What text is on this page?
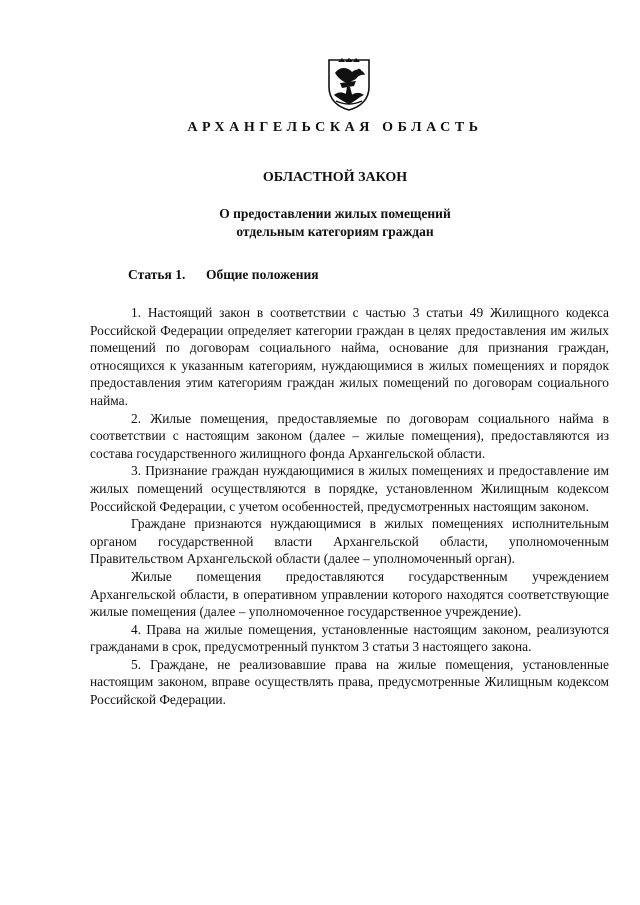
АРХАНГЕЛЬСКАЯ ОБЛАСТЬ
ОБЛАСТНОЙ ЗАКОН
О предоставлении жилых помещений
отдельным категориям граждан
Статья 1. Общие положения

1. Настоящий закон в соответствии с частью 3 статьи 49 Жилищного кодекса Российской Федерации определяет категории граждан в целях предоставления им жилых помещений по договорам социального найма, основание для признания граждан, относящихся к указанным категориям, нуждающимися в жилых помещениях и порядок предоставления этим категориям граждан жилых помещений по договорам социального найма.

2. Жилые помещения, предоставляемые по договорам социального найма в соответствии с настоящим законом (далее – жилые помещения), предоставляются из состава государственного жилищного фонда Архангельской области.

3. Признание граждан нуждающимися в жилых помещениях и предоставление им жилых помещений осуществляются в порядке, установленном Жилищным кодексом Российской Федерации, с учетом особенностей, предусмотренных настоящим законом.

Граждане признаются нуждающимися в жилых помещениях исполнительным органом государственной власти Архангельской области, уполномоченным Правительством Архангельской области (далее – уполномоченный орган).

Жилые помещения предоставляются государственным учреждением Архангельской области, в оперативном управлении которого находятся соответствующие жилые помещения (далее – уполномоченное государственное учреждение).

4. Права на жилые помещения, установленные настоящим законом, реализуются гражданами в срок, предусмотренный пунктом 3 статьи 3 настоящего закона.

5. Граждане, не реализовавшие права на жилые помещения, установленные настоящим законом, вправе осуществлять права, предусмотренные Жилищным кодексом Российской Федерации.
